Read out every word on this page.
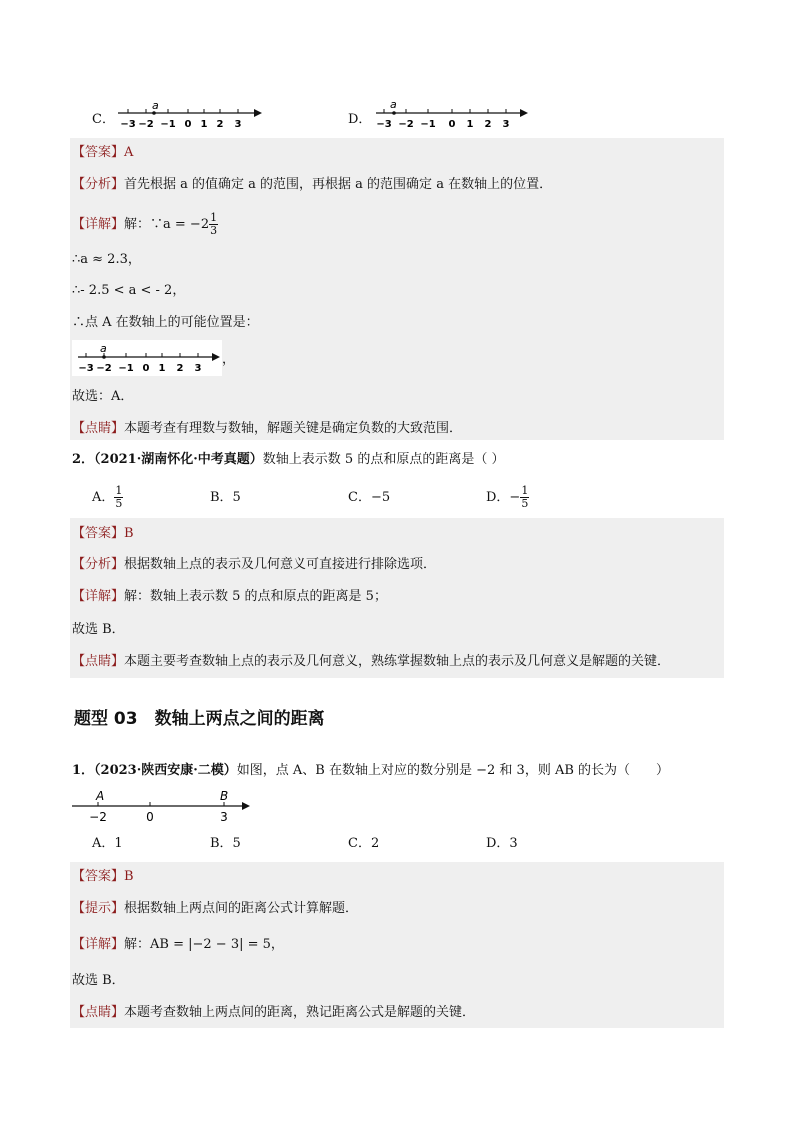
C．
a
−3 −2 −1 0 1 2 3	D．
a
−3 −2 −1 0 1 2 3
【答案】A
【分析】首先根据 a 的值确定 a 的范围，再根据 a 的范围确定 a 在数轴上的位置．
【详解】解：∵a = $-2 \frac{1}{3}$
∴a ≈ 2.3，
∴- 2.5 < a < - 2，
∴点 A 在数轴上的可能位置是：
a
−3 −2 −1 0 1 2 3
，
故选：A．
【点睛】本题考查有理数与数轴，解题关键是确定负数的大致范围．
2．（2021·湖南怀化·中考真题）数轴上表示数 5 的点和原点的距离是（ ）
A． $\frac{1}{5}$	B．5	C．−5	D．− $\frac{1}{5}$
【答案】B
【分析】根据数轴上点的表示及几何意义可直接进行排除选项．
【详解】解：数轴上表示数 5 的点和原点的距离是 5；
故选 B．
【点睛】本题主要考查数轴上点的表示及几何意义，熟练掌握数轴上点的表示及几何意义是解题的关键．
题型 03　数轴上两点之间的距离
1．（2023·陕西安康·二模）如图，点 A、B 在数轴上对应的数分别是 −2 和 3，则 AB 的长为（　　）
A	B
−2	0	3
A．1	B．5	C．2	D．3
【答案】B
【提示】根据数轴上两点间的距离公式计算解题．
【详解】解：AB = |−2 − 3| = 5，
故选 B．
【点睛】本题考查数轴上两点间的距离，熟记距离公式是解题的关键．
